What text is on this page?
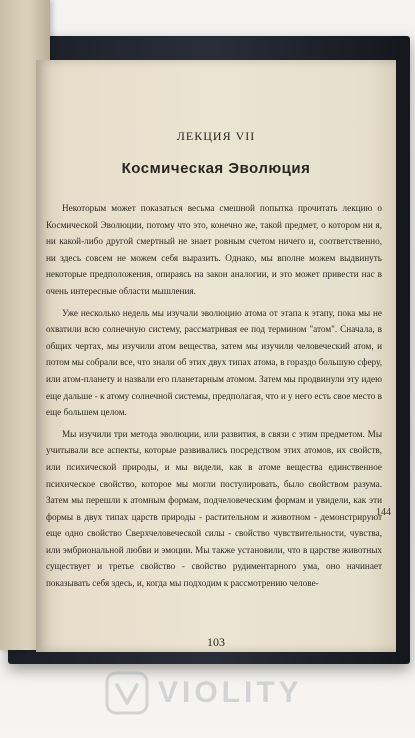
ЛЕКЦИЯ VII
Космическая Эволюция

Некоторым может показаться весьма смешной попытка прочитать лекцию о Космической Эволюции, потому что это, конечно же, такой предмет, о котором ни я, ни какой-либо другой смертный не знает ровным счетом ничего и, соответственно, ни здесь совсем не можем себя выразить. Однако, мы вполне можем выдвинуть некоторые предположения, опираясь на закон аналогии, и это может привести нас в очень интересные области мышления.

Уже несколько недель мы изучали эволюцию атома от этапа к этапу, пока мы не охватили всю солнечную систему, рассматривая ее под термином "атом". Сначала, в общих чертах, мы изучили атом вещества, затем мы изучили человеческий атом, и потом мы собрали все, что знали об этих двух типах атома, в гораздо большую сферу, или атом-планету и назвали его планетарным атомом. Затем мы продвинули эту идею еще дальше - к атому солнечной системы, предполагая, что и у него есть свое место в еще большем целом.

Мы изучили три метода эволюции, или развития, в связи с этим предметом. Мы учитывали все аспекты, которые развивались посредством этих атомов, их свойств, или психической природы, и мы видели, как в атоме вещества единственное психическое свойство, которое мы могли постулировать, было свойством разума. Затем мы перешли к атомным формам, подчеловеческим формам и увидели, как эти формы в двух типах царств природы - растительном и животном - демонстрируют еще одно свойство Сверхчеловеческой силы - свойство чувствительности, чувства, или эмбриональной любви и эмоции. Мы также установили, что в царстве животных существует и третье свойство - свойство рудиментарного ума, оно начинает показывать себя здесь, и, когда мы подходим к рассмотрению челове-

144
103
VIOLITY
